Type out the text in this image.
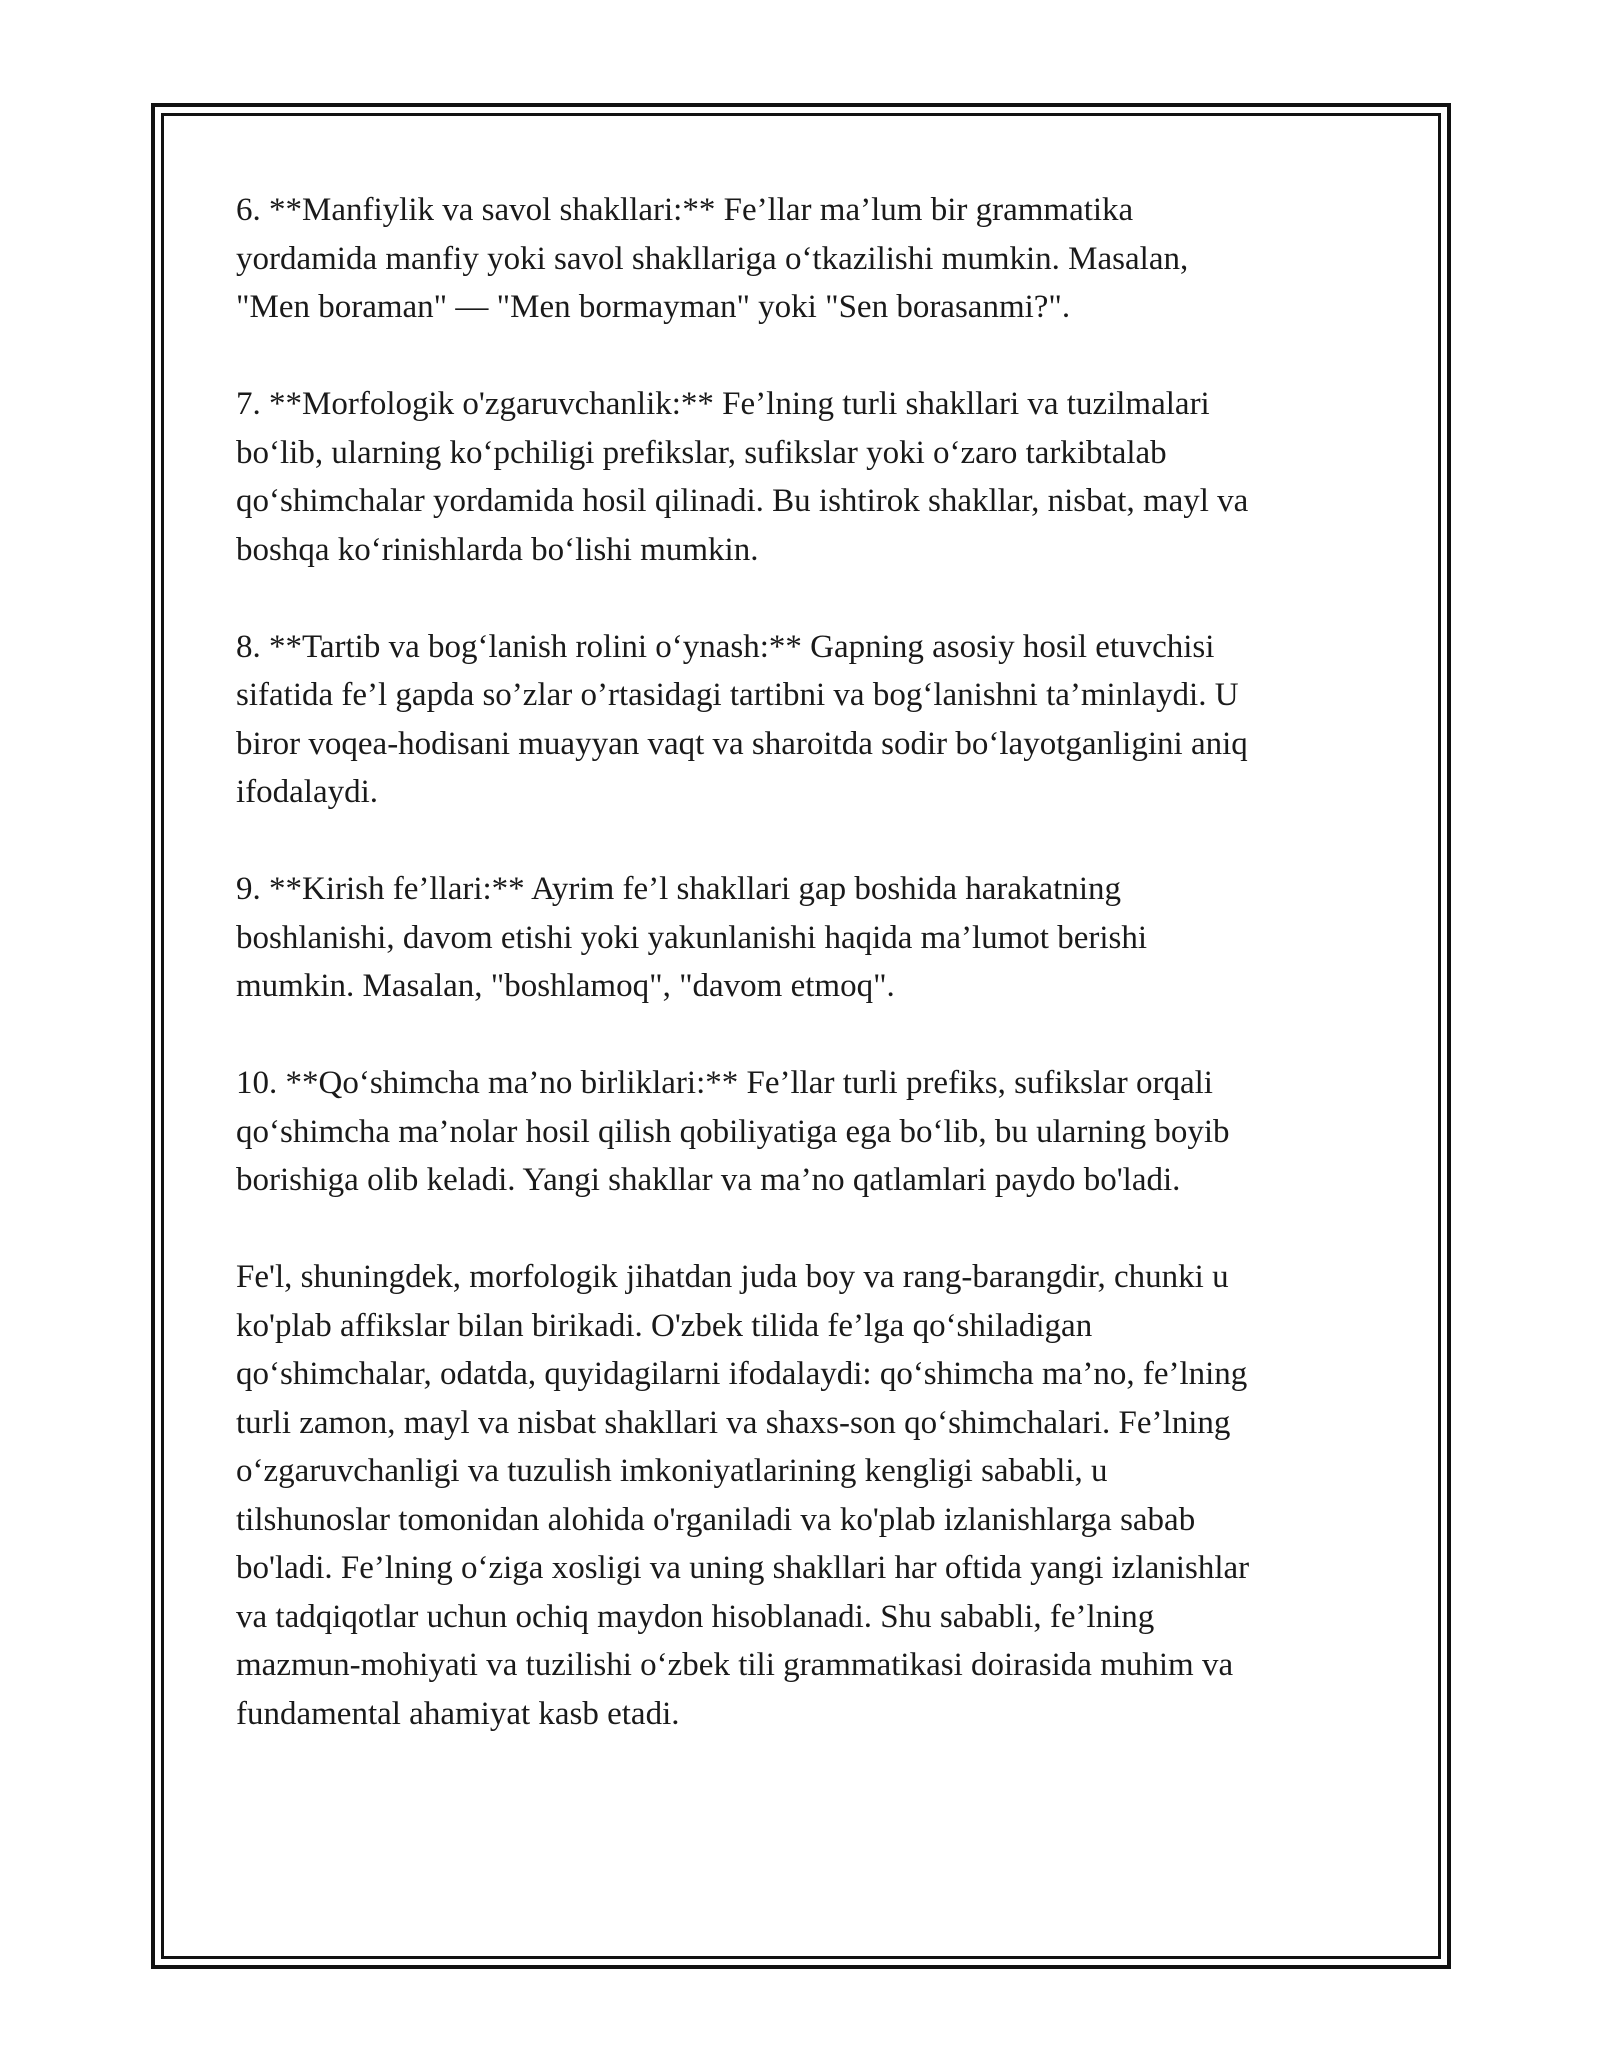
6. **Manfiylik va savol shakllari:** Fe’llar ma’lum bir grammatika
yordamida manfiy yoki savol shakllariga o‘tkazilishi mumkin. Masalan,
"Men boraman" — "Men bormayman" yoki "Sen borasanmi?".
7. **Morfologik o'zgaruvchanlik:** Fe’lning turli shakllari va tuzilmalari
bo‘lib, ularning ko‘pchiligi prefikslar, sufikslar yoki o‘zaro tarkibtalab
qo‘shimchalar yordamida hosil qilinadi. Bu ishtirok shakllar, nisbat, mayl va
boshqa ko‘rinishlarda bo‘lishi mumkin.
8. **Tartib va bog‘lanish rolini o‘ynash:** Gapning asosiy hosil etuvchisi
sifatida fe’l gapda so’zlar o’rtasidagi tartibni va bog‘lanishni ta’minlaydi. U
biror voqea-hodisani muayyan vaqt va sharoitda sodir bo‘layotganligini aniq
ifodalaydi.
9. **Kirish fe’llari:** Ayrim fe’l shakllari gap boshida harakatning
boshlanishi, davom etishi yoki yakunlanishi haqida ma’lumot berishi
mumkin. Masalan, "boshlamoq", "davom etmoq".
10. **Qo‘shimcha ma’no birliklari:** Fe’llar turli prefiks, sufikslar orqali
qo‘shimcha ma’nolar hosil qilish qobiliyatiga ega bo‘lib, bu ularning boyib
borishiga olib keladi. Yangi shakllar va ma’no qatlamlari paydo bo'ladi.
Fe'l, shuningdek, morfologik jihatdan juda boy va rang-barangdir, chunki u
ko'plab affikslar bilan birikadi. O'zbek tilida fe’lga qo‘shiladigan
qo‘shimchalar, odatda, quyidagilarni ifodalaydi: qo‘shimcha ma’no, fe’lning
turli zamon, mayl va nisbat shakllari va shaxs-son qo‘shimchalari. Fe’lning
o‘zgaruvchanligi va tuzulish imkoniyatlarining kengligi sababli, u
tilshunoslar tomonidan alohida o'rganiladi va ko'plab izlanishlarga sabab
bo'ladi. Fe’lning o‘ziga xosligi va uning shakllari har oftida yangi izlanishlar
va tadqiqotlar uchun ochiq maydon hisoblanadi. Shu sababli, fe’lning
mazmun-mohiyati va tuzilishi o‘zbek tili grammatikasi doirasida muhim va
fundamental ahamiyat kasb etadi.
